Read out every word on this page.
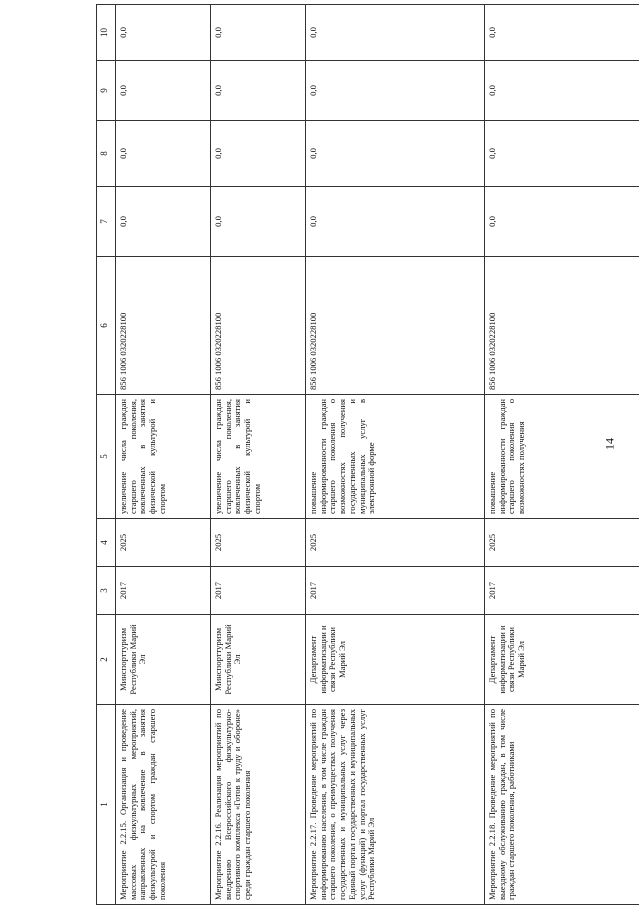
14
1	2	3	4	5	6	7	8	9	10
Мероприятие 2.2.15. Организация и проведение массовых физкультурных мероприятий, направленных на вовлечение в занятия физкультурой и спортом граждан старшего поколения	Минспорттуризм Республики Марий Эл	2017	2025	увеличение числа граждан старшего поколения, вовлеченных в занятия физической культурой и спортом	856 1006 0320228100	0,0	0,0	0,0	0,0
Мероприятие 2.2.16. Реализация мероприятий по внедрению Всероссийского физкультурно-спортивного комплекса «Готов к труду и обороне» среди граждан старшего поколения	Минспорттуризм Республики Марий Эл	2017	2025	увеличение числа граждан старшего поколения, вовлеченных в занятия физической культурой и спортом	856 1006 0320228100	0,0	0,0	0,0	0,0
Мероприятие 2.2.17. Проведение мероприятий по информированию населения, в том числе граждан старшего поколения, о преимуществах получения государственных и муниципальных услуг через Единый портал государственных и муниципальных услуг (функций) и портал государственных услуг Республики Марий Эл	Департамент информатизации и связи Республики Марий Эл	2017	2025	повышение информированности граждан старшего поколения о возможностях получения государственных и муниципальных услуг в электронной форме	856 1006 0320228100	0,0	0,0	0,0	0,0
Мероприятие 2.2.18. Проведение мероприятий по выездному обслуживанию граждан, в том числе граждан старшего поколения, работниками	Департамент информатизации и связи Республики Марий Эл	2017	2025	повышение информированности граждан старшего поколения о возможностях получения	856 1006 0320228100	0,0	0,0	0,0	0,0
